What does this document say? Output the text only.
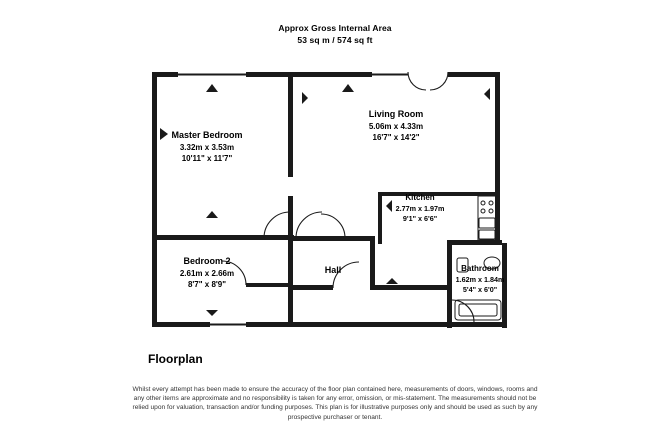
Approx Gross Internal Area
53 sq m / 574 sq ft
Master Bedroom
3.32m x 3.53m
10'11" x 11'7"
Living Room
5.06m x 4.33m
16'7" x 14'2"
Kitchen
2.77m x 1.97m
9'1" x 6'6"
Bedroom 2
2.61m x 2.66m
8'7" x 8'9"
Bathroom
1.62m x 1.84m
5'4" x 6'0"
Hall
Floorplan
Whilst every attempt has been made to ensure the accuracy of the floor plan contained here, measurements of doors, windows, rooms and
any other items are approximate and no responsibility is taken for any error, omission, or mis-statement. The measurements should not be
relied upon for valuation, transaction and/or funding purposes. This plan is for illustrative purposes only and should be used as such by any
prospective purchaser or tenant.
